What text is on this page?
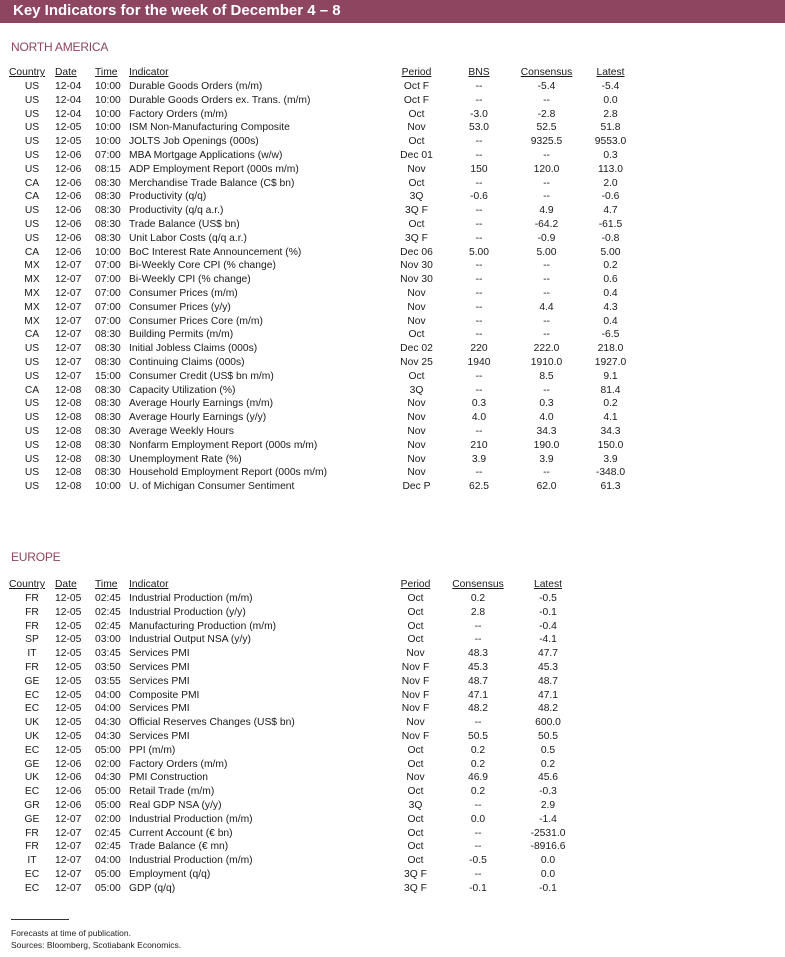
Key Indicators for the week of December 4 – 8
NORTH AMERICA
Country	Date	Time	Indicator	Period	BNS	Consensus	Latest
US	12-04	10:00	Durable Goods Orders (m/m)	Oct F	--	-5.4	-5.4
US	12-04	10:00	Durable Goods Orders ex. Trans. (m/m)	Oct F	--	--	0.0
US	12-04	10:00	Factory Orders (m/m)	Oct	-3.0	-2.8	2.8
US	12-05	10:00	ISM Non-Manufacturing Composite	Nov	53.0	52.5	51.8
US	12-05	10:00	JOLTS Job Openings (000s)	Oct	--	9325.5	9553.0
US	12-06	07:00	MBA Mortgage Applications (w/w)	Dec 01	--	--	0.3
US	12-06	08:15	ADP Employment Report (000s m/m)	Nov	150	120.0	113.0
CA	12-06	08:30	Merchandise Trade Balance (C$ bn)	Oct	--	--	2.0
CA	12-06	08:30	Productivity (q/q)	3Q	-0.6	--	-0.6
US	12-06	08:30	Productivity (q/q a.r.)	3Q F	--	4.9	4.7
US	12-06	08:30	Trade Balance (US$ bn)	Oct	--	-64.2	-61.5
US	12-06	08:30	Unit Labor Costs (q/q a.r.)	3Q F	--	-0.9	-0.8
CA	12-06	10:00	BoC Interest Rate Announcement (%)	Dec 06	5.00	5.00	5.00
MX	12-07	07:00	Bi-Weekly Core CPI (% change)	Nov 30	--	--	0.2
MX	12-07	07:00	Bi-Weekly CPI (% change)	Nov 30	--	--	0.6
MX	12-07	07:00	Consumer Prices (m/m)	Nov	--	--	0.4
MX	12-07	07:00	Consumer Prices (y/y)	Nov	--	4.4	4.3
MX	12-07	07:00	Consumer Prices Core (m/m)	Nov	--	--	0.4
CA	12-07	08:30	Building Permits (m/m)	Oct	--	--	-6.5
US	12-07	08:30	Initial Jobless Claims (000s)	Dec 02	220	222.0	218.0
US	12-07	08:30	Continuing Claims (000s)	Nov 25	1940	1910.0	1927.0
US	12-07	15:00	Consumer Credit (US$ bn m/m)	Oct	--	8.5	9.1
CA	12-08	08:30	Capacity Utilization (%)	3Q	--	--	81.4
US	12-08	08:30	Average Hourly Earnings (m/m)	Nov	0.3	0.3	0.2
US	12-08	08:30	Average Hourly Earnings (y/y)	Nov	4.0	4.0	4.1
US	12-08	08:30	Average Weekly Hours	Nov	--	34.3	34.3
US	12-08	08:30	Nonfarm Employment Report (000s m/m)	Nov	210	190.0	150.0
US	12-08	08:30	Unemployment Rate (%)	Nov	3.9	3.9	3.9
US	12-08	08:30	Household Employment Report (000s m/m)	Nov	--	--	-348.0
US	12-08	10:00	U. of Michigan Consumer Sentiment	Dec P	62.5	62.0	61.3
EUROPE
Country	Date	Time	Indicator	Period	Consensus	Latest
FR	12-05	02:45	Industrial Production (m/m)	Oct	0.2	-0.5
FR	12-05	02:45	Industrial Production (y/y)	Oct	2.8	-0.1
FR	12-05	02:45	Manufacturing Production (m/m)	Oct	--	-0.4
SP	12-05	03:00	Industrial Output NSA (y/y)	Oct	--	-4.1
IT	12-05	03:45	Services PMI	Nov	48.3	47.7
FR	12-05	03:50	Services PMI	Nov F	45.3	45.3
GE	12-05	03:55	Services PMI	Nov F	48.7	48.7
EC	12-05	04:00	Composite PMI	Nov F	47.1	47.1
EC	12-05	04:00	Services PMI	Nov F	48.2	48.2
UK	12-05	04:30	Official Reserves Changes (US$ bn)	Nov	--	600.0
UK	12-05	04:30	Services PMI	Nov F	50.5	50.5
EC	12-05	05:00	PPI (m/m)	Oct	0.2	0.5
GE	12-06	02:00	Factory Orders (m/m)	Oct	0.2	0.2
UK	12-06	04:30	PMI Construction	Nov	46.9	45.6
EC	12-06	05:00	Retail Trade (m/m)	Oct	0.2	-0.3
GR	12-06	05:00	Real GDP NSA (y/y)	3Q	--	2.9
GE	12-07	02:00	Industrial Production (m/m)	Oct	0.0	-1.4
FR	12-07	02:45	Current Account (€ bn)	Oct	--	-2531.0
FR	12-07	02:45	Trade Balance (€ mn)	Oct	--	-8916.6
IT	12-07	04:00	Industrial Production (m/m)	Oct	-0.5	0.0
EC	12-07	05:00	Employment (q/q)	3Q F	--	0.0
EC	12-07	05:00	GDP (q/q)	3Q F	-0.1	-0.1
Forecasts at time of publication.
Sources: Bloomberg, Scotiabank Economics.
